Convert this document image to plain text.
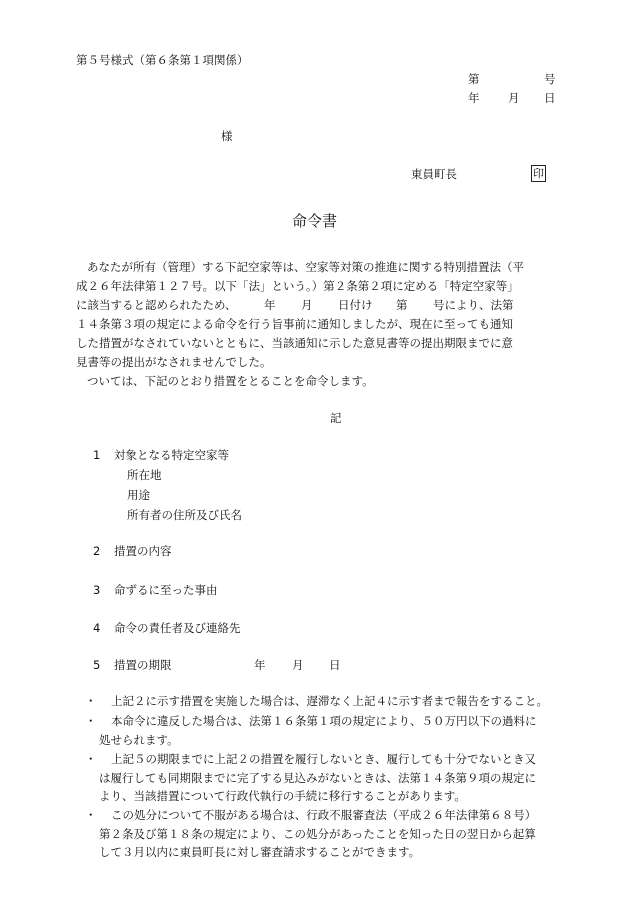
第５号様式（第６条第１項関係）
第	号
年 月 日
様
東員町長	印
命令書

あなたが所有（管理）する下記空家等は、空家等対策の推進に関する特別措置法（平

成２６年法律第１２７号。以下「法」という。）第２条第２項に定める「特定空家等」

に該当すると認められたため、 年 月 日付け 第 号により、法第

１４条第３項の規定による命令を行う旨事前に通知しましたが、現在に至っても通知

した措置がなされていないとともに、当該通知に示した意見書等の提出期限までに意

見書等の提出がなされませんでした。

ついては、下記のとおり措置をとることを命令します。

記
1 対象となる特定空家等
所在地
用途
所有者の住所及び氏名
2 措置の内容
3 命ずるに至った事由
4 命令の責任者及び連絡先
5 措置の期限	年 月 日
・ 上記２に示す措置を実施した場合は、遅滞なく上記４に示す者まで報告をすること。
・ 本命令に違反した場合は、法第１６条第１項の規定により、５０万円以下の過料に
処せられます。
・ 上記５の期限までに上記２の措置を履行しないとき、履行しても十分でないとき又
は履行しても同期限までに完了する見込みがないときは、法第１４条第９項の規定に
より、当該措置について行政代執行の手続に移行することがあります。
・ この処分について不服がある場合は、行政不服審査法（平成２６年法律第６８号）
第２条及び第１８条の規定により、この処分があったことを知った日の翌日から起算
して３月以内に東員町長に対し審査請求することができます。
